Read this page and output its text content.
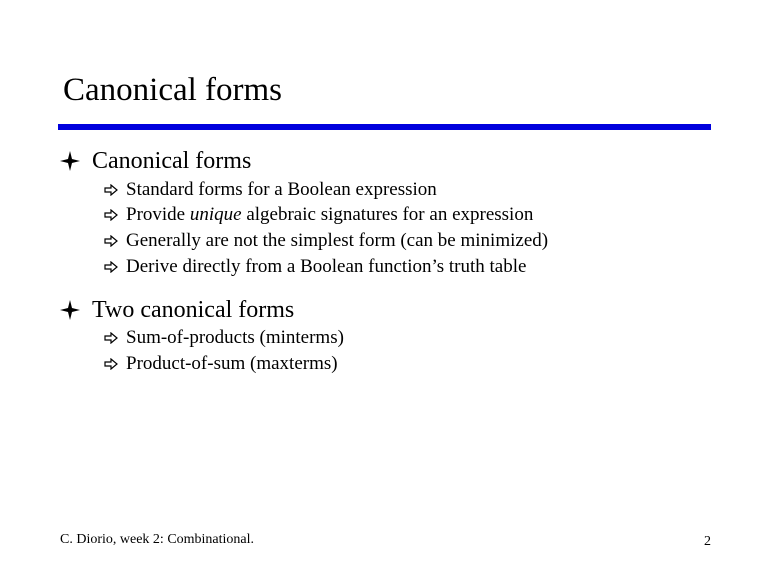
Canonical forms
Canonical forms
Standard forms for a Boolean expression
Provide unique algebraic signatures for an expression
Generally are not the simplest form (can be minimized)
Derive directly from a Boolean function’s truth table
Two canonical forms
Sum-of-products (minterms)
Product-of-sum (maxterms)
C. Diorio, week 2: Combinational.	2
